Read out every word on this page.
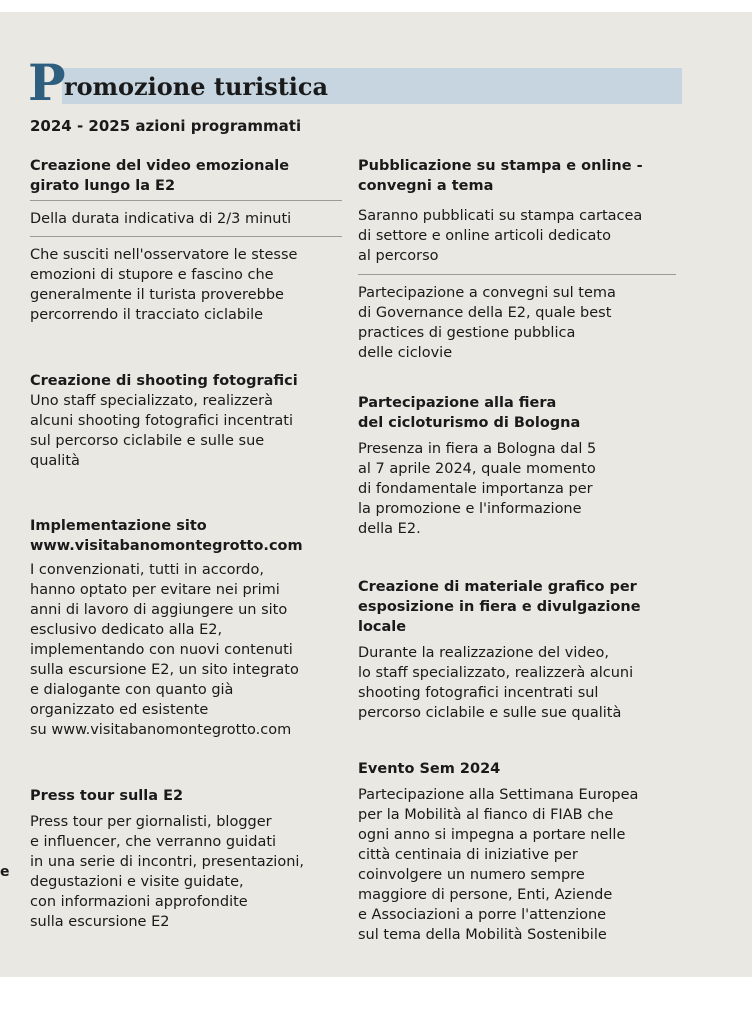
P
romozione turistica
2024 - 2025 azioni programmati
e

Creazione del video emozionale
girato lungo la E2

Della durata indicativa di 2/3 minuti

Che susciti nell'osservatore le stesse
emozioni di stupore e fascino che
generalmente il turista proverebbe
percorrendo il tracciato ciclabile

Creazione di shooting fotografici

Uno staff specializzato, realizzerà
alcuni shooting fotografici incentrati
sul percorso ciclabile e sulle sue
qualità

Implementazione sito
www.visitabanomontegrotto.com

I convenzionati, tutti in accordo,
hanno optato per evitare nei primi
anni di lavoro di aggiungere un sito
esclusivo dedicato alla E2,
implementando con nuovi contenuti
sulla escursione E2, un sito integrato
e dialogante con quanto già
organizzato ed esistente
su www.visitabanomontegrotto.com

Press tour sulla E2

Press tour per giornalisti, blogger
e influencer, che verranno guidati
in una serie di incontri, presentazioni,
degustazioni e visite guidate,
con informazioni approfondite
sulla escursione E2

Pubblicazione su stampa e online -
convegni a tema

Saranno pubblicati su stampa cartacea
di settore e online articoli dedicato
al percorso

Partecipazione a convegni sul tema
di Governance della E2, quale best
practices di gestione pubblica
delle ciclovie

Partecipazione alla fiera
del cicloturismo di Bologna

Presenza in fiera a Bologna dal 5
al 7 aprile 2024, quale momento
di fondamentale importanza per
la promozione e l'informazione
della E2.

Creazione di materiale grafico per
esposizione in fiera e divulgazione locale

Durante la realizzazione del video,
lo staff specializzato, realizzerà alcuni
shooting fotografici incentrati sul
percorso ciclabile e sulle sue qualità

Evento Sem 2024

Partecipazione alla Settimana Europea
per la Mobilità al fianco di FIAB che
ogni anno si impegna a portare nelle
città centinaia di iniziative per
coinvolgere un numero sempre
maggiore di persone, Enti, Aziende
e Associazioni a porre l'attenzione
sul tema della Mobilità Sostenibile
